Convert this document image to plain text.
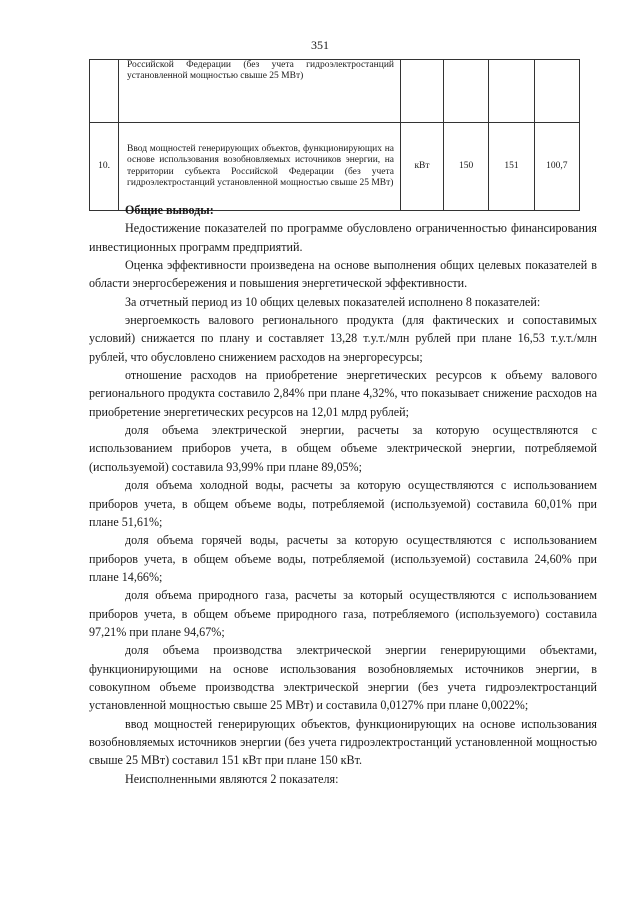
351
	Российской Федерации (без учета гидроэлектростанций установленной мощностью свыше 25 МВт)				
10.	Ввод мощностей генерирующих объектов, функционирующих на основе использования возобновляемых источников энергии, на территории субъекта Российской Федерации (без учета гидроэлектростанций установленной мощностью свыше 25 МВт)	кВт	150	151	100,7

Общие выводы:

Недостижение показателей по программе обусловлено ограниченностью финансирования инвестиционных программ предприятий.

Оценка эффективности произведена на основе выполнения общих целевых показателей в области энергосбережения и повышения энергетической эффективности.

За отчетный период из 10 общих целевых показателей исполнено 8 показателей:

энергоемкость валового регионального продукта (для фактических и сопоставимых условий) снижается по плану и составляет 13,28 т.у.т./млн рублей при плане 16,53 т.у.т./млн рублей, что обусловлено снижением расходов на энергоресурсы;

отношение расходов на приобретение энергетических ресурсов к объему валового регионального продукта составило 2,84% при плане 4,32%, что показывает снижение расходов на приобретение энергетических ресурсов на 12,01 млрд рублей;

доля объема электрической энергии, расчеты за которую осуществляются с использованием приборов учета, в общем объеме электрической энергии, потребляемой (используемой) составила 93,99% при плане 89,05%;

доля объема холодной воды, расчеты за которую осуществляются с использованием приборов учета, в общем объеме воды, потребляемой (используемой) составила 60,01% при плане 51,61%;

доля объема горячей воды, расчеты за которую осуществляются с использованием приборов учета, в общем объеме воды, потребляемой (используемой) составила 24,60% при плане 14,66%;

доля объема природного газа, расчеты за который осуществляются с использованием приборов учета, в общем объеме природного газа, потребляемого (используемого) составила 97,21% при плане 94,67%;

доля объема производства электрической энергии генерирующими объектами, функционирующими на основе использования возобновляемых источников энергии, в совокупном объеме производства электрической энергии (без учета гидроэлектростанций установленной мощностью свыше 25 МВт) и составила 0,0127% при плане 0,0022%;

ввод мощностей генерирующих объектов, функционирующих на основе использования возобновляемых источников энергии (без учета гидроэлектростанций установленной мощностью свыше 25 МВт) составил 151 кВт при плане 150 кВт.

Неисполненными являются 2 показателя:
